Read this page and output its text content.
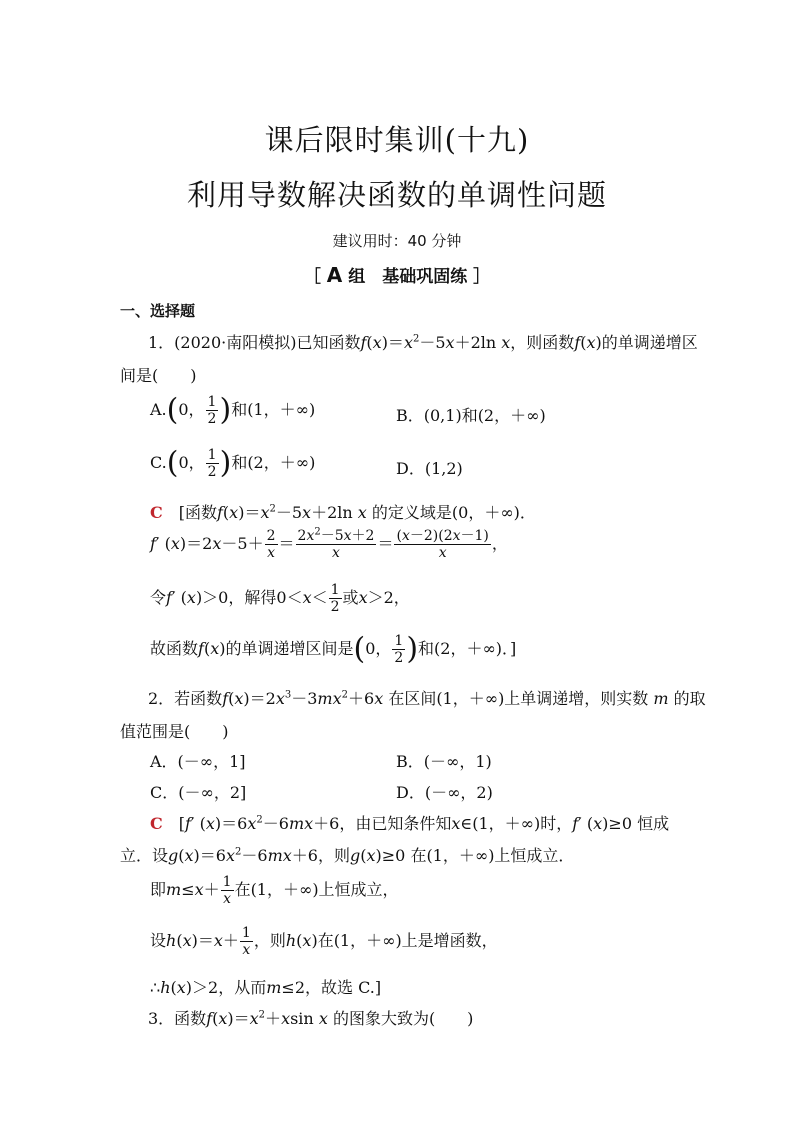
课后限时集训(十九)
利用导数解决函数的单调性问题
建议用时：40 分钟
［ A 组　基础巩固练 ］
一、选择题
1．(2020·南阳模拟)已知函数$f(x)=x^2-5x+2\ln$ x，则函数f(x)的单调递增区
间是(　　)
A.(0， $\frac{1}{2}$ )和(1，＋∞)	B．(0,1)和(2，＋∞)
C.(0， $\frac{1}{2}$ )和(2，＋∞)	D．(1,2)
C　 [函数$f(x)=x^2-5x+2\ln$ x 的定义域是(0，＋∞)．
f′ $(x)=2x-5+ \frac{2}{x} = \frac{2x^2-5x+2}{x} = \frac{(x-2)(2x-1)}{x}$ ，
令f′ (x)＞0，解得$0<x< \frac{1}{2}$ 或x＞2，
故函数f(x)的单调递增区间是(0， $\frac{1}{2}$ )和(2，＋∞)．]
2．若函数$f(x)=2x^3-3mx^2+6x$ 在区间(1，＋∞)上单调递增，则实数 m 的取
值范围是(　　)
A．(－∞，1]	B．(－∞，1)
C．(－∞，2]	D．(－∞，2)
C　 [f′ $(x)=6x^2-6mx+6$，由已知条件知x∈(1，＋∞)时，f′ (x)≥0 恒成
立．设$g(x)=6x^2-6mx+6$，则g(x)≥0 在(1，＋∞)上恒成立．
即$m\le x+ \frac{1}{x}$ 在(1，＋∞)上恒成立，
设$h(x)=x+ \frac{1}{x}$ ，则h(x)在(1，＋∞)上是增函数，
∴h(x)＞2，从而m≤2，故选 C.]
3．函数$f(x)=x^2+xsin$ x 的图象大致为(　　)
